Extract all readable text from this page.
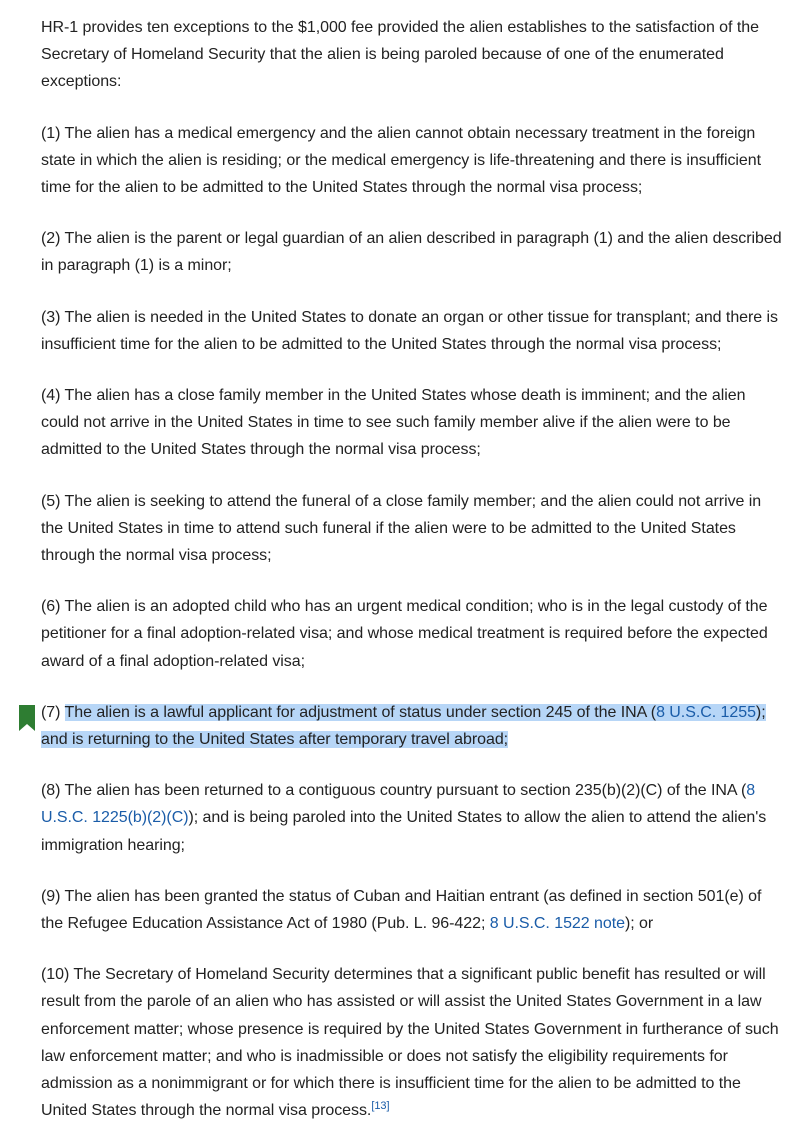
HR-1 provides ten exceptions to the $1,000 fee provided the alien establishes to the satisfaction of the Secretary of Homeland Security that the alien is being paroled because of one of the enumerated exceptions:

(1) The alien has a medical emergency and the alien cannot obtain necessary treatment in the foreign state in which the alien is residing; or the medical emergency is life-threatening and there is insufficient time for the alien to be admitted to the United States through the normal visa process;

(2) The alien is the parent or legal guardian of an alien described in paragraph (1) and the alien described in paragraph (1) is a minor;

(3) The alien is needed in the United States to donate an organ or other tissue for transplant; and there is insufficient time for the alien to be admitted to the United States through the normal visa process;

(4) The alien has a close family member in the United States whose death is imminent; and the alien could not arrive in the United States in time to see such family member alive if the alien were to be admitted to the United States through the normal visa process;

(5) The alien is seeking to attend the funeral of a close family member; and the alien could not arrive in the United States in time to attend such funeral if the alien were to be admitted to the United States through the normal visa process;

(6) The alien is an adopted child who has an urgent medical condition; who is in the legal custody of the petitioner for a final adoption-related visa; and whose medical treatment is required before the expected award of a final adoption-related visa;

(7) The alien is a lawful applicant for adjustment of status under section 245 of the INA (8 U.S.C. 1255); and is returning to the United States after temporary travel abroad;

(8) The alien has been returned to a contiguous country pursuant to section 235(b)(2)(C) of the INA (8 U.S.C. 1225(b)(2)(C)); and is being paroled into the United States to allow the alien to attend the alien's immigration hearing;

(9) The alien has been granted the status of Cuban and Haitian entrant (as defined in section 501(e) of the Refugee Education Assistance Act of 1980 (Pub. L. 96-422; 8 U.S.C. 1522 note); or

(10) The Secretary of Homeland Security determines that a significant public benefit has resulted or will result from the parole of an alien who has assisted or will assist the United States Government in a law enforcement matter; whose presence is required by the United States Government in furtherance of such law enforcement matter; and who is inadmissible or does not satisfy the eligibility requirements for admission as a nonimmigrant or for which there is insufficient time for the alien to be admitted to the United States through the normal visa process.[13]
